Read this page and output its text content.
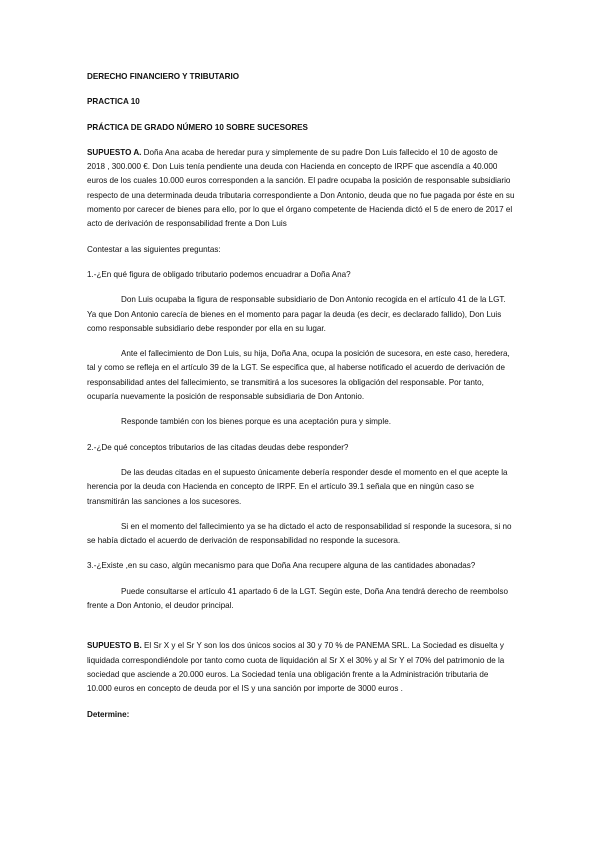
DERECHO FINANCIERO Y TRIBUTARIO

PRACTICA 10

PRÁCTICA DE GRADO NÚMERO 10 SOBRE SUCESORES

SUPUESTO A. Doña Ana acaba de heredar pura y simplemente de su padre Don Luis fallecido el 10 de agosto de 2018 , 300.000 €. Don Luis tenía pendiente una deuda con Hacienda en concepto de IRPF que ascendía a 40.000 euros de los cuales 10.000 euros corresponden a la sanción. El padre ocupaba la posición de responsable subsidiario respecto de una determinada deuda tributaria correspondiente a Don Antonio, deuda que no fue pagada por éste en su momento por carecer de bienes para ello, por lo que el órgano competente de Hacienda dictó el 5 de enero de 2017 el acto de derivación de responsabilidad frente a Don Luis

Contestar a las siguientes preguntas:

1.-¿En qué figura de obligado tributario podemos encuadrar a Doña Ana?

Don Luis ocupaba la figura de responsable subsidiario de Don Antonio recogida en el artículo 41 de la LGT. Ya que Don Antonio carecía de bienes en el momento para pagar la deuda (es decir, es declarado fallido), Don Luis como responsable subsidiario debe responder por ella en su lugar.

Ante el fallecimiento de Don Luis, su hija, Doña Ana, ocupa la posición de sucesora, en este caso, heredera, tal y como se refleja en el artículo 39 de la LGT. Se especifica que, al haberse notificado el acuerdo de derivación de responsabilidad antes del fallecimiento, se transmitirá a los sucesores la obligación del responsable. Por tanto, ocuparía nuevamente la posición de responsable subsidiaria de Don Antonio.

Responde también con los bienes porque es una aceptación pura y simple.

2.-¿De qué conceptos tributarios de las citadas deudas debe responder?

De las deudas citadas en el supuesto únicamente debería responder desde el momento en el que acepte la herencia por la deuda con Hacienda en concepto de IRPF. En el artículo 39.1 señala que en ningún caso se transmitirán las sanciones a los sucesores.

Si en el momento del fallecimiento ya se ha dictado el acto de responsabilidad sí responde la sucesora, si no se había dictado el acuerdo de derivación de responsabilidad no responde la sucesora.

3.-¿Existe ,en su caso, algún mecanismo para que Doña Ana recupere alguna de las cantidades abonadas?

Puede consultarse el artículo 41 apartado 6 de la LGT. Según este, Doña Ana tendrá derecho de reembolso frente a Don Antonio, el deudor principal.

SUPUESTO B. El Sr X y el Sr Y son los dos únicos socios al 30 y 70 % de PANEMA SRL. La Sociedad es disuelta y liquidada correspondiéndole por tanto como cuota de liquidación al Sr X el 30% y al Sr Y el 70% del patrimonio de la sociedad que asciende a 20.000 euros. La Sociedad tenía una obligación frente a la Administración tributaria de 10.000 euros en concepto de deuda por el IS y una sanción por importe de 3000 euros .

Determine:
